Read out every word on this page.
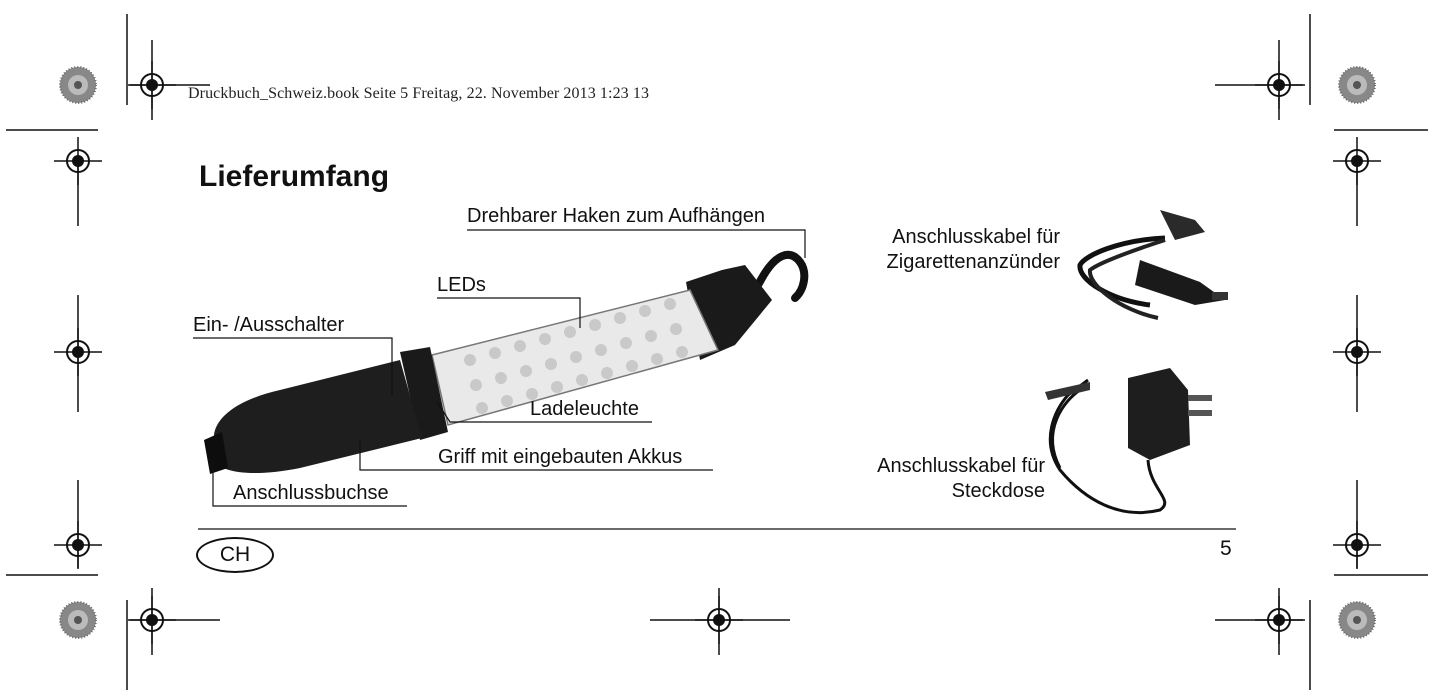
Druckbuch_Schweiz.book Seite 5 Freitag, 22. November 2013 1:23 13
Lieferumfang
Drehbarer Haken zum Aufhängen
LEDs
Ein- /Ausschalter
Ladeleuchte
Griff mit eingebauten Akkus
Anschlussbuchse
Anschlusskabel für
Zigarettenanzünder
Anschlusskabel für
Steckdose
CH	5
